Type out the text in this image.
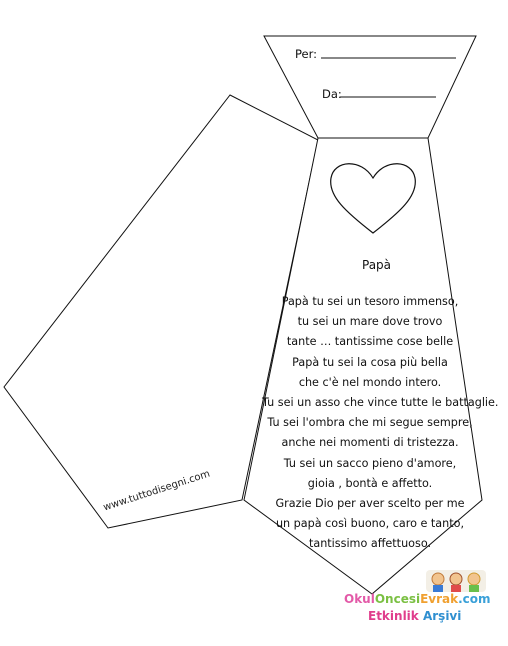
Per:
Da:
Papà
Papà tu sei un tesoro immenso,
tu sei un mare dove trovo
tante … tantissime cose belle
Papà tu sei la cosa più bella
che c'è nel mondo intero.
Tu sei un asso che vince tutte le battaglie.
Tu sei l'ombra che mi segue sempre,
anche nei momenti di tristezza.
Tu sei un sacco pieno d'amore,
gioia , bontà e affetto.
Grazie Dio per aver scelto per me
un papà così buono, caro e tanto,
tantissimo affettuoso.
www.tuttodisegni.com
OkulOncesiEvrak.com
Etkinlik Arşivi
